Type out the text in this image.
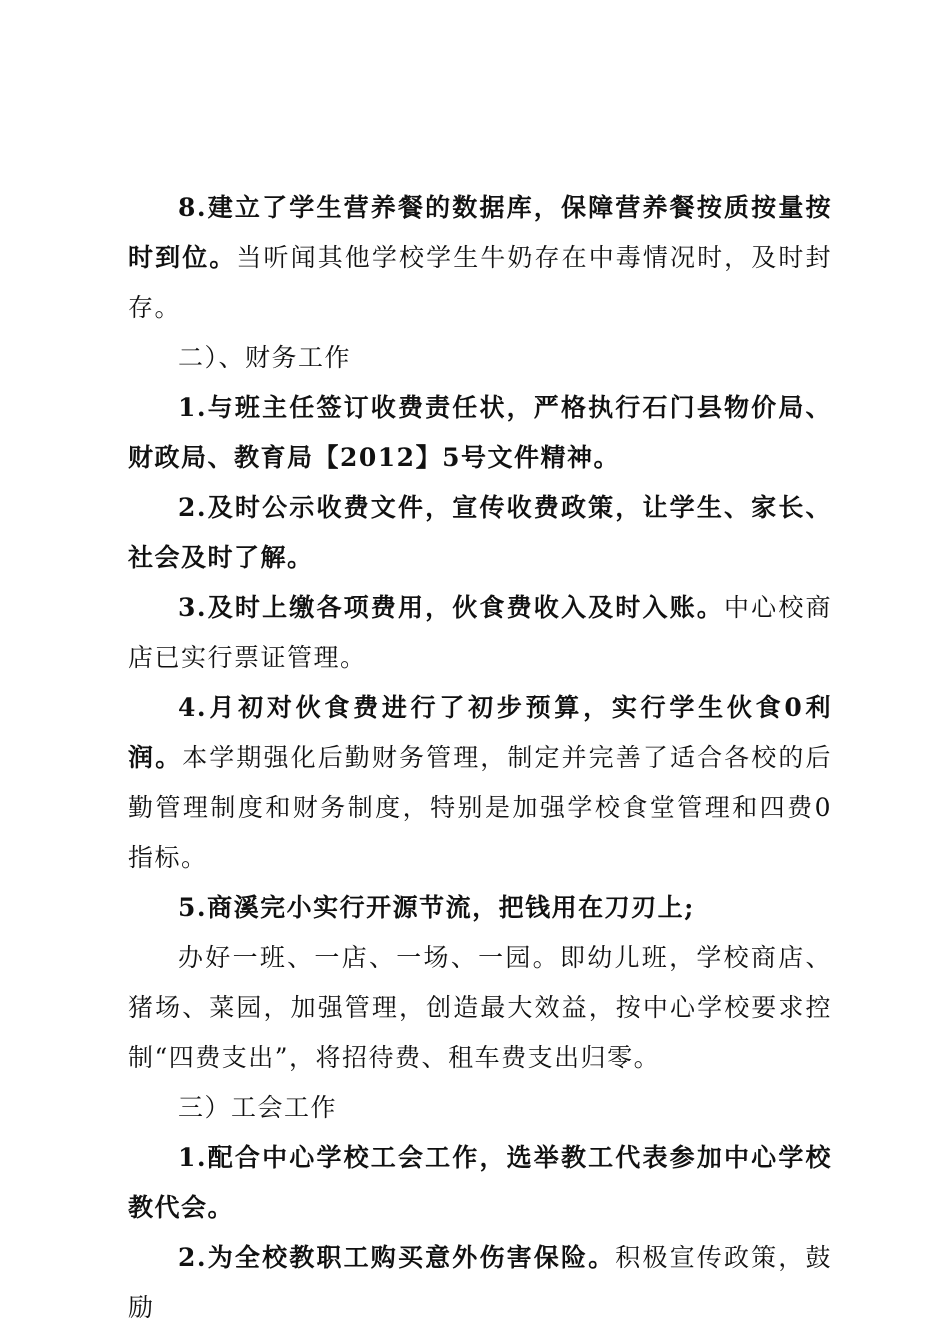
8.建立了学生营养餐的数据库，保障营养餐按质按量按时到位。当听闻其他学校学生牛奶存在中毒情况时，及时封存。

二）、财务工作

1.与班主任签订收费责任状，严格执行石门县物价局、财政局、教育局【2012】5号文件精神。

2.及时公示收费文件，宣传收费政策，让学生、家长、社会及时了解。

3.及时上缴各项费用，伙食费收入及时入账。中心校商店已实行票证管理。

4.月初对伙食费进行了初步预算，实行学生伙食0利润。本学期强化后勤财务管理，制定并完善了适合各校的后勤管理制度和财务制度，特别是加强学校食堂管理和四费0指标。

5.商溪完小实行开源节流，把钱用在刀刃上;

办好一班、一店、一场、一园。即幼儿班，学校商店、猪场、菜园，加强管理，创造最大效益，按中心学校要求控制“四费支出”，将招待费、租车费支出归零。

三）工会工作

1.配合中心学校工会工作，选举教工代表参加中心学校教代会。

2.为全校教职工购买意外伤害保险。积极宣传政策，鼓励
